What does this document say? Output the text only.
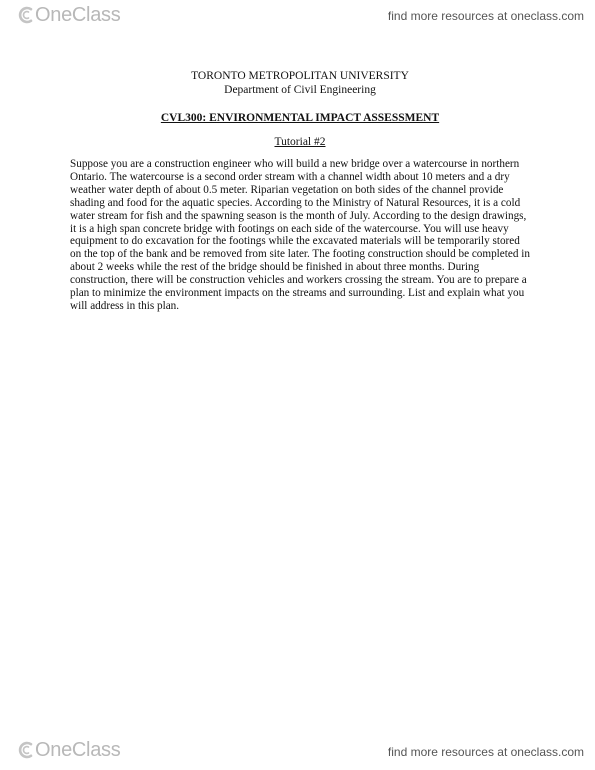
OneClass	find more resources at oneclass.com

TORONTO METROPOLITAN UNIVERSITY

Department of Civil Engineering

CVL300: ENVIRONMENTAL IMPACT ASSESSMENT

Tutorial #2

Suppose you are a construction engineer who will build a new bridge over a watercourse in northern Ontario. The watercourse is a second order stream with a channel width about 10 meters and a dry weather water depth of about 0.5 meter. Riparian vegetation on both sides of the channel provide shading and food for the aquatic species. According to the Ministry of Natural Resources, it is a cold water stream for fish and the spawning season is the month of July. According to the design drawings, it is a high span concrete bridge with footings on each side of the watercourse. You will use heavy equipment to do excavation for the footings while the excavated materials will be temporarily stored on the top of the bank and be removed from site later. The footing construction should be completed in about 2 weeks while the rest of the bridge should be finished in about three months. During construction, there will be construction vehicles and workers crossing the stream. You are to prepare a plan to minimize the environment impacts on the streams and surrounding. List and explain what you will address in this plan.

OneClass	find more resources at oneclass.com
